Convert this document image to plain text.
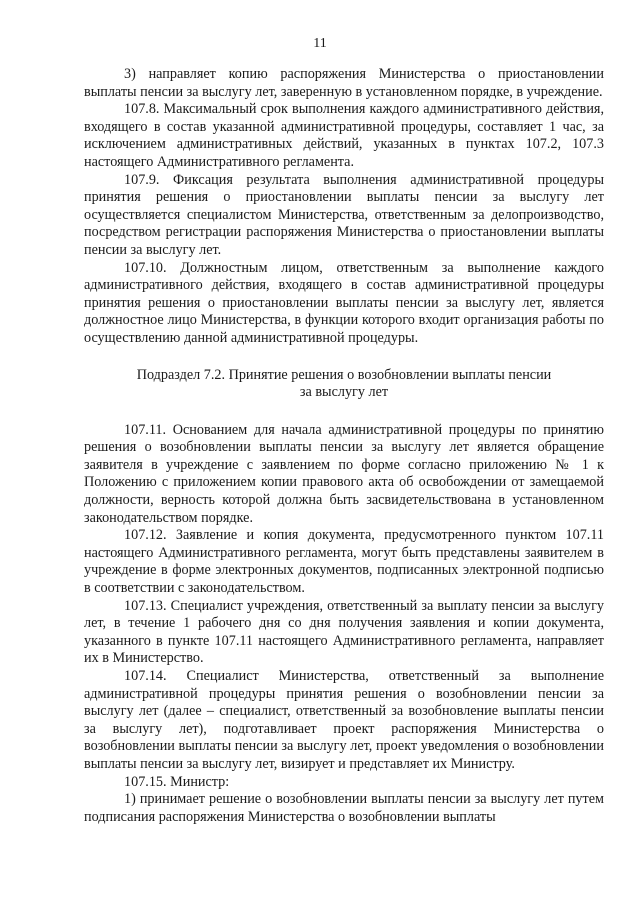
11

3) направляет копию распоряжения Министерства о приостановлении выплаты пенсии за выслугу лет, заверенную в установленном порядке, в учреждение.

107.8. Максимальный срок выполнения каждого административного действия, входящего в состав указанной административной процедуры, составляет 1 час, за исключением административных действий, указанных в пунктах 107.2, 107.3 настоящего Административного регламента.

107.9. Фиксация результата выполнения административной процедуры принятия решения о приостановлении выплаты пенсии за выслугу лет осуществляется специалистом Министерства, ответственным за делопроизводство, посредством регистрации распоряжения Министерства о приостановлении выплаты пенсии за выслугу лет.

107.10. Должностным лицом, ответственным за выполнение каждого административного действия, входящего в состав административной процедуры принятия решения о приостановлении выплаты пенсии за выслугу лет, является должностное лицо Министерства, в функции которого входит организация работы по осуществлению данной административной процедуры.

Подраздел 7.2. Принятие решения о возобновлении выплаты пенсии
за выслугу лет

107.11. Основанием для начала административной процедуры по принятию решения о возобновлении выплаты пенсии за выслугу лет является обращение заявителя в учреждение с заявлением по форме согласно приложению № 1 к Положению с приложением копии правового акта об освобождении от замещаемой должности, верность которой должна быть засвидетельствована в установленном законодательством порядке.

107.12. Заявление и копия документа, предусмотренного пунктом 107.11 настоящего Административного регламента, могут быть представлены заявителем в учреждение в форме электронных документов, подписанных электронной подписью в соответствии с законодательством.

107.13. Специалист учреждения, ответственный за выплату пенсии за выслугу лет, в течение 1 рабочего дня со дня получения заявления и копии документа, указанного в пункте 107.11 настоящего Административного регламента, направляет их в Министерство.

107.14. Специалист Министерства, ответственный за выполнение административной процедуры принятия решения о возобновлении пенсии за выслугу лет (далее – специалист, ответственный за возобновление выплаты пенсии за выслугу лет), подготавливает проект распоряжения Министерства о возобновлении выплаты пенсии за выслугу лет, проект уведомления о возобновлении выплаты пенсии за выслугу лет, визирует и представляет их Министру.

107.15. Министр:

1) принимает решение о возобновлении выплаты пенсии за выслугу лет путем подписания распоряжения Министерства о возобновлении выплаты
